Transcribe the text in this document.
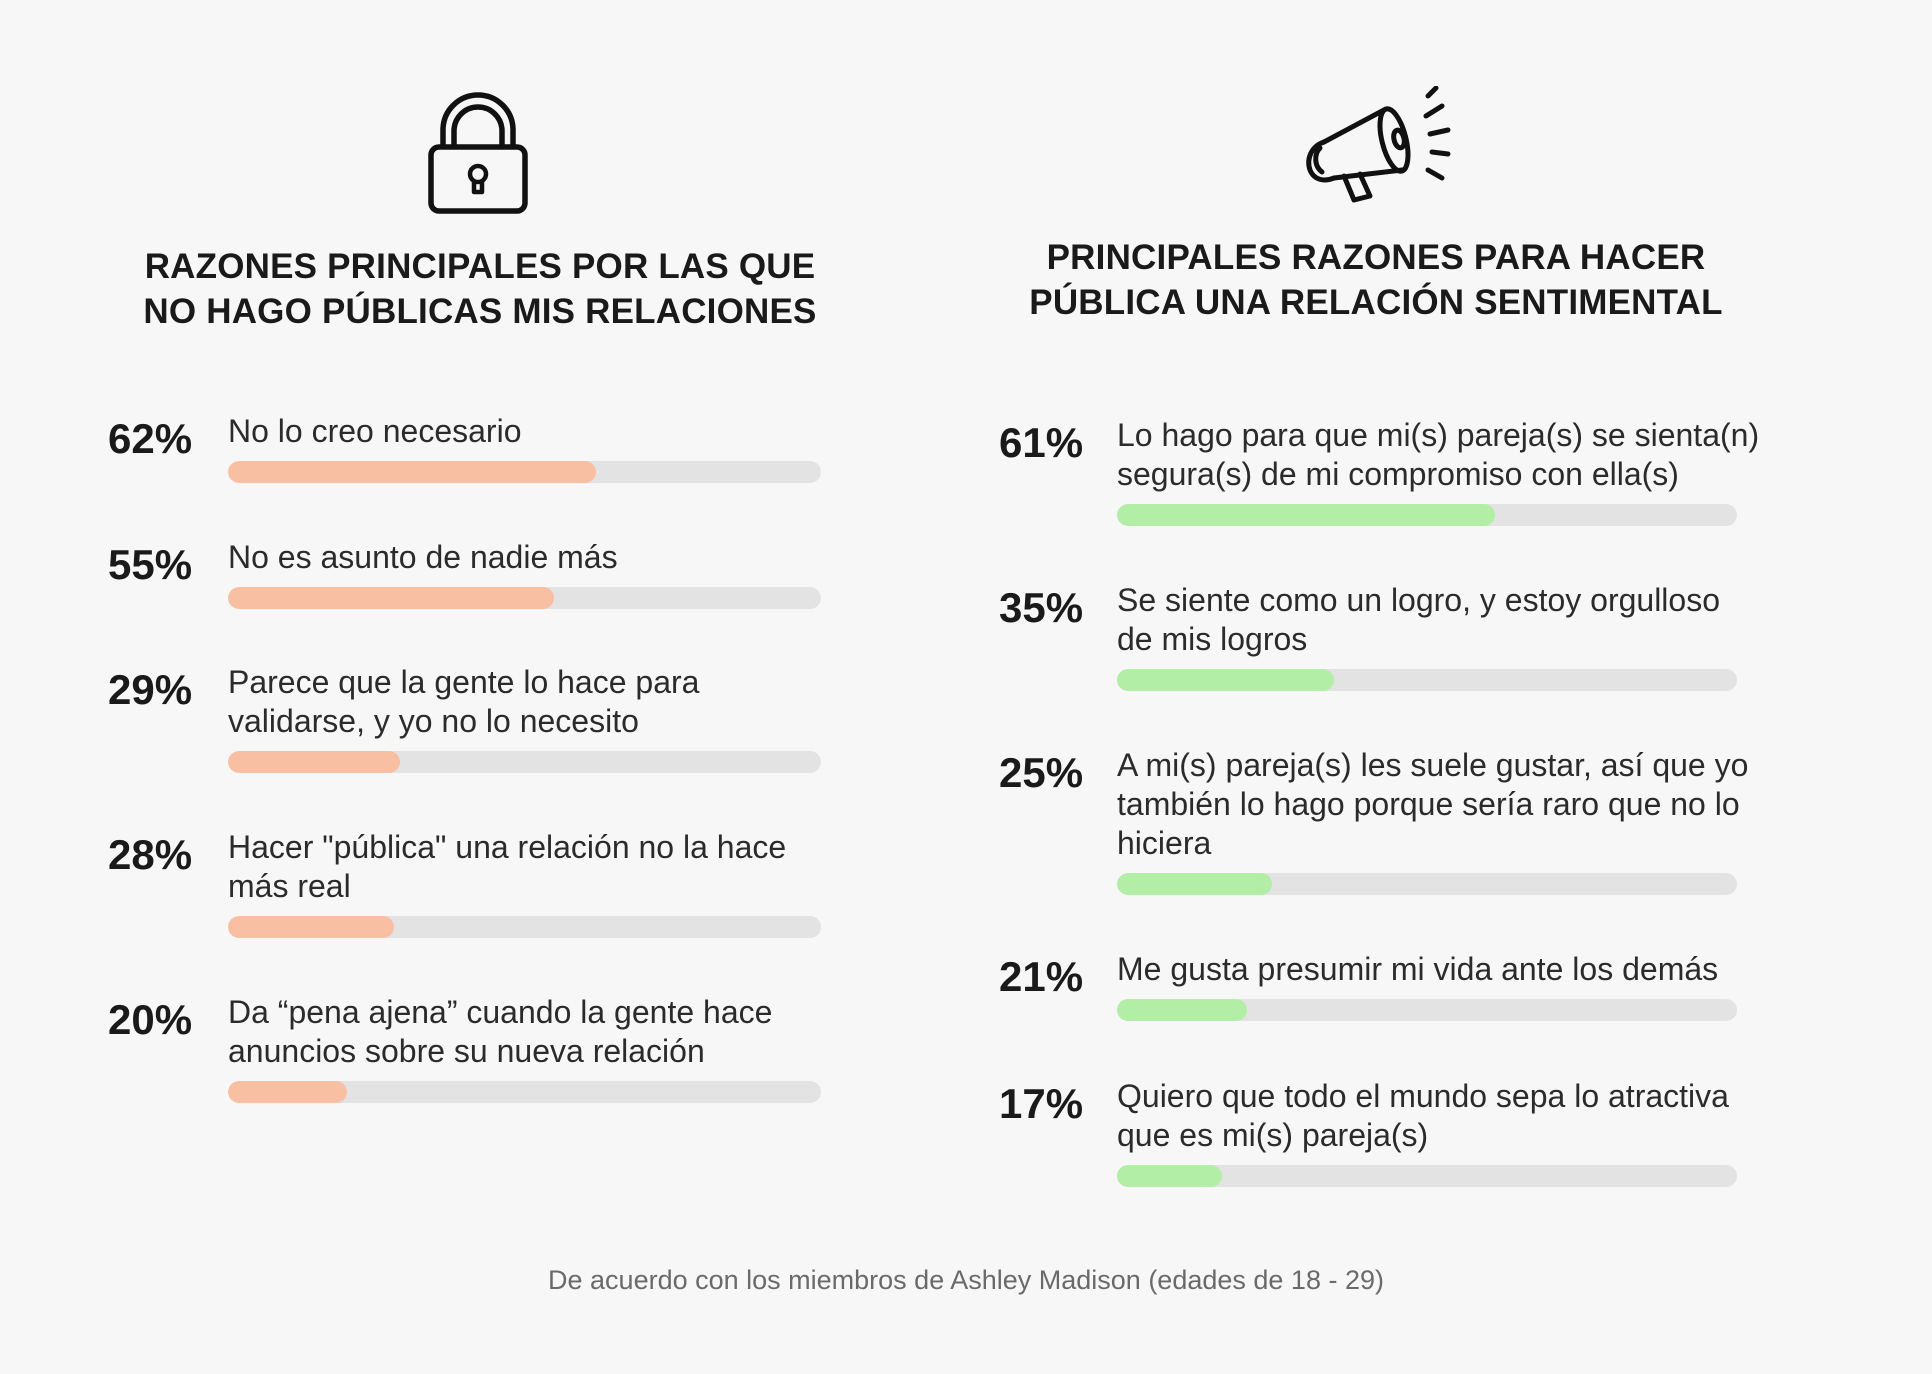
RAZONES PRINCIPALES POR LAS QUE
NO HAGO PÚBLICAS MIS RELACIONES
PRINCIPALES RAZONES PARA HACER
PÚBLICA UNA RELACIÓN SENTIMENTAL
62% No lo creo necesario
55% No es asunto de nadie más
29% Parece que la gente lo hace para
validarse, y yo no lo necesito
28% Hacer "pública" una relación no la hace
más real
20% Da “pena ajena” cuando la gente hace
anuncios sobre su nueva relación
61% Lo hago para que mi(s) pareja(s) se sienta(n)
segura(s) de mi compromiso con ella(s)
35% Se siente como un logro, y estoy orgulloso
de mis logros
25% A mi(s) pareja(s) les suele gustar, así que yo
también lo hago porque sería raro que no lo
hiciera
21% Me gusta presumir mi vida ante los demás
17% Quiero que todo el mundo sepa lo atractiva
que es mi(s) pareja(s)
De acuerdo con los miembros de Ashley Madison (edades de 18 - 29)
